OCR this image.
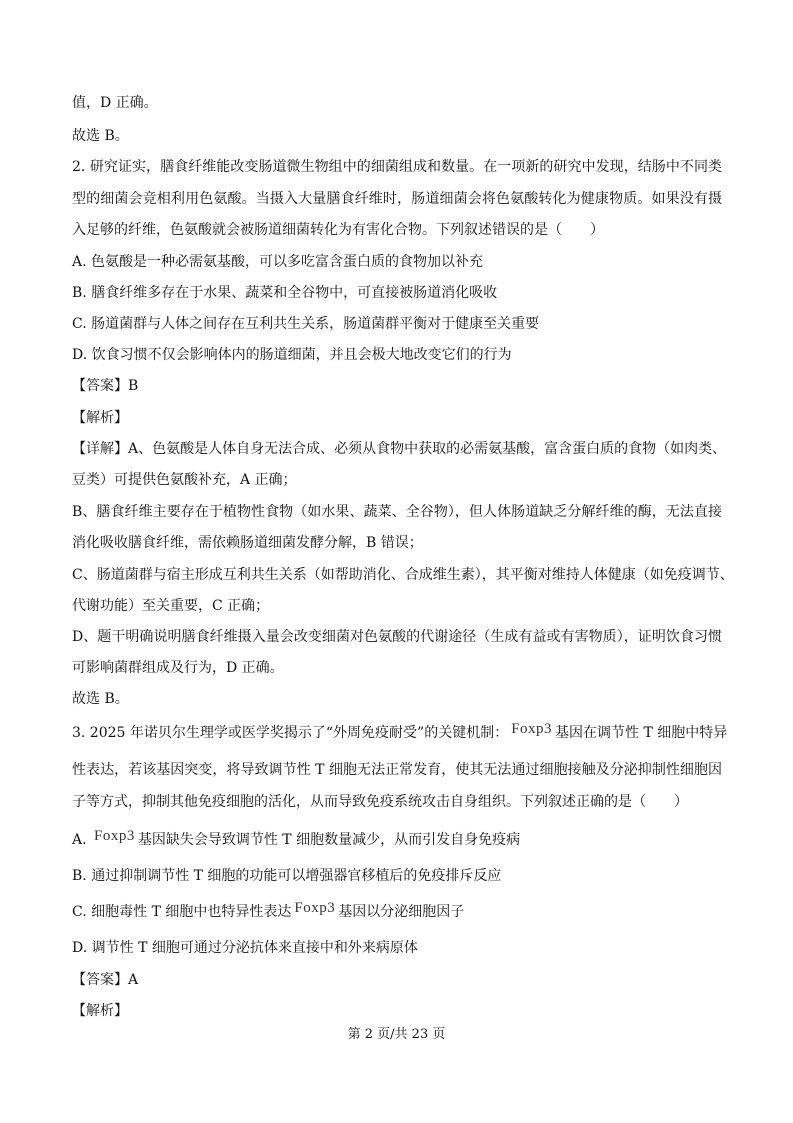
值，D 正确。
故选 B。
2. 研究证实，膳食纤维能改变肠道微生物组中的细菌组成和数量。在一项新的研究中发现，结肠中不同类
型的细菌会竞相利用色氨酸。当摄入大量膳食纤维时，肠道细菌会将色氨酸转化为健康物质。如果没有摄
入足够的纤维，色氨酸就会被肠道细菌转化为有害化合物。下列叙述错误的是（　　）
A. 色氨酸是一种必需氨基酸，可以多吃富含蛋白质的食物加以补充
B. 膳食纤维多存在于水果、蔬菜和全谷物中，可直接被肠道消化吸收
C. 肠道菌群与人体之间存在互利共生关系，肠道菌群平衡对于健康至关重要
D. 饮食习惯不仅会影响体内的肠道细菌，并且会极大地改变它们的行为
【答案】B
【解析】
【详解】A、色氨酸是人体自身无法合成、必须从食物中获取的必需氨基酸，富含蛋白质的食物（如肉类、
豆类）可提供色氨酸补充，A 正确；
B、膳食纤维主要存在于植物性食物（如水果、蔬菜、全谷物），但人体肠道缺乏分解纤维的酶，无法直接
消化吸收膳食纤维，需依赖肠道细菌发酵分解，B 错误；
C、肠道菌群与宿主形成互利共生关系（如帮助消化、合成维生素），其平衡对维持人体健康（如免疫调节、
代谢功能）至关重要，C 正确；
D、题干明确说明膳食纤维摄入量会改变细菌对色氨酸的代谢途径（生成有益或有害物质），证明饮食习惯
可影响菌群组成及行为，D 正确。
故选 B。
3. 2025 年诺贝尔生理学或医学奖揭示了“外周免疫耐受”的关键机制： Foxp3 基因在调节性 T 细胞中特异
性表达，若该基因突变，将导致调节性 T 细胞无法正常发育，使其无法通过细胞接触及分泌抑制性细胞因
子等方式，抑制其他免疫细胞的活化，从而导致免疫系统攻击自身组织。下列叙述正确的是（　　）
A. Foxp3 基因缺失会导致调节性 T 细胞数量减少，从而引发自身免疫病
B. 通过抑制调节性 T 细胞的功能可以增强器官移植后的免疫排斥反应
C. 细胞毒性 T 细胞中也特异性表达 Foxp3 基因以分泌细胞因子
D. 调节性 T 细胞可通过分泌抗体来直接中和外来病原体
【答案】A
【解析】
第 2 页/共 23 页
